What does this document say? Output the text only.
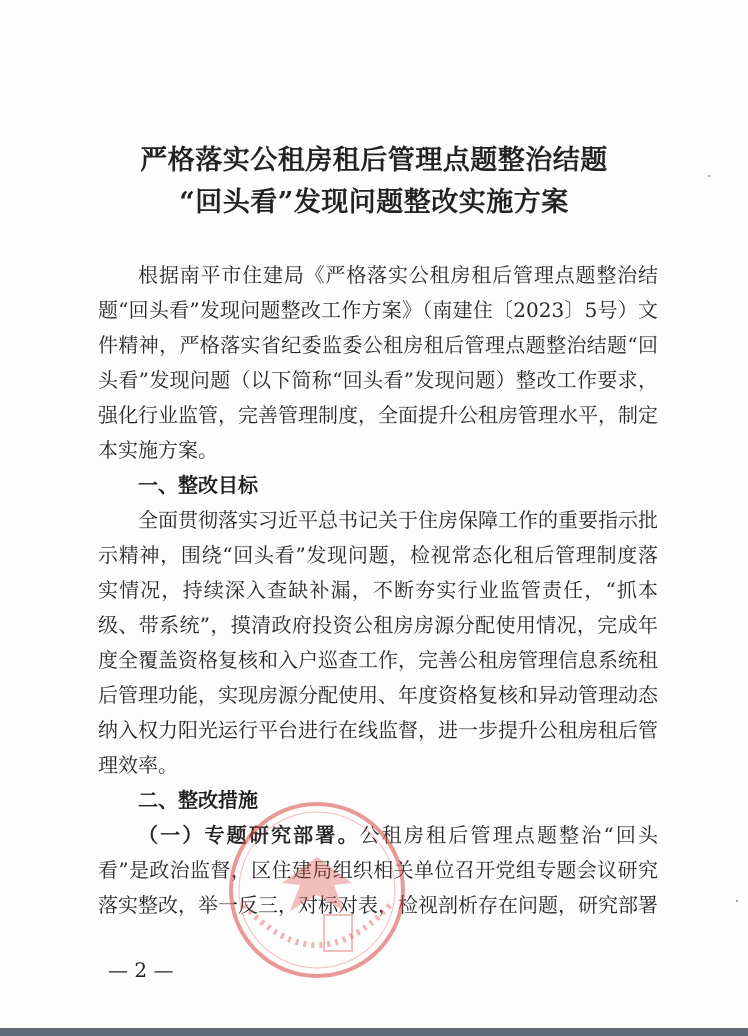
严格落实公租房租后管理点题整治结题
“回头看”发现问题整改实施方案

根据南平市住建局《严格落实公租房租后管理点题整治结题“回头看”发现问题整改工作方案》（南建住〔2023〕5号）文件精神，严格落实省纪委监委公租房租后管理点题整治结题“回头看”发现问题（以下简称“回头看”发现问题）整改工作要求，强化行业监管，完善管理制度，全面提升公租房管理水平，制定本实施方案。

一、整改目标

全面贯彻落实习近平总书记关于住房保障工作的重要指示批示精神，围绕“回头看”发现问题，检视常态化租后管理制度落实情况，持续深入查缺补漏，不断夯实行业监管责任，“抓本级、带系统”，摸清政府投资公租房房源分配使用情况，完成年度全覆盖资格复核和入户巡查工作，完善公租房管理信息系统租后管理功能，实现房源分配使用、年度资格复核和异动管理动态纳入权力阳光运行平台进行在线监督，进一步提升公租房租后管理效率。

二、整改措施

（一）专题研究部署。公租房租后管理点题整治“回头看”是政治监督，区住建局组织相关单位召开党组专题会议研究落实整改，举一反三，对标对表，检视剖析存在问题，研究部署

— 2 —
